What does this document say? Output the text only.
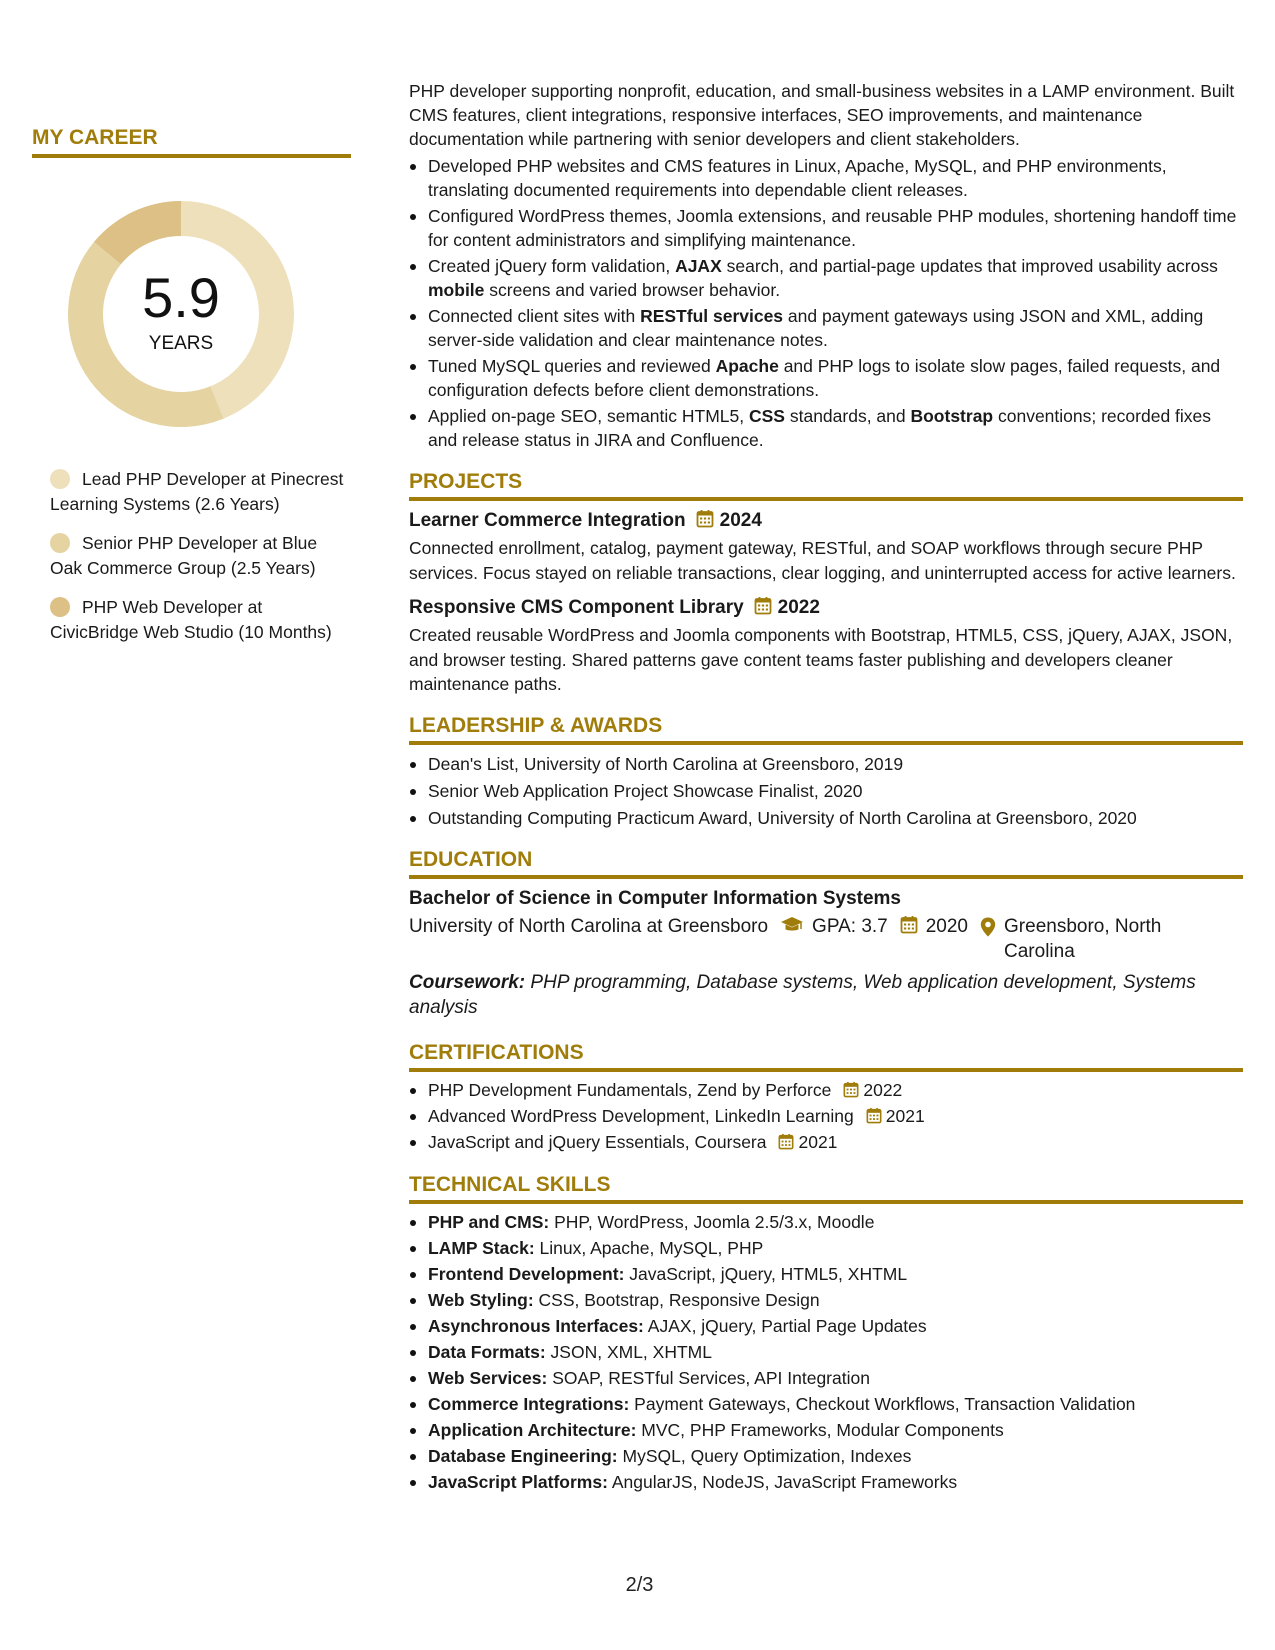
MY CAREER
5.9
YEARS
Lead PHP Developer at Pinecrest Learning Systems (2.6 Years)
Senior PHP Developer at Blue Oak Commerce Group (2.5 Years)
PHP Web Developer at CivicBridge Web Studio (10 Months)

PHP developer supporting nonprofit, education, and small-business websites in a LAMP environment. Built CMS features, client integrations, responsive interfaces, SEO improvements, and maintenance documentation while partnering with senior developers and client stakeholders.

Developed PHP websites and CMS features in Linux, Apache, MySQL, and PHP environments, translating documented requirements into dependable client releases.
Configured WordPress themes, Joomla extensions, and reusable PHP modules, shortening handoff time for content administrators and simplifying maintenance.
Created jQuery form validation, AJAX search, and partial-page updates that improved usability across mobile screens and varied browser behavior.
Connected client sites with RESTful services and payment gateways using JSON and XML, adding server-side validation and clear maintenance notes.
Tuned MySQL queries and reviewed Apache and PHP logs to isolate slow pages, failed requests, and configuration defects before client demonstrations.
Applied on-page SEO, semantic HTML5, CSS standards, and Bootstrap conventions; recorded fixes and release status in JIRA and Confluence.
PROJECTS
Learner Commerce Integration 2024

Connected enrollment, catalog, payment gateway, RESTful, and SOAP workflows through secure PHP services. Focus stayed on reliable transactions, clear logging, and uninterrupted access for active learners.

Responsive CMS Component Library 2022

Created reusable WordPress and Joomla components with Bootstrap, HTML5, CSS, jQuery, AJAX, JSON, and browser testing. Shared patterns gave content teams faster publishing and developers cleaner maintenance paths.

LEADERSHIP & AWARDS
Dean's List, University of North Carolina at Greensboro, 2019
Senior Web Application Project Showcase Finalist, 2020
Outstanding Computing Practicum Award, University of North Carolina at Greensboro, 2020
EDUCATION
Bachelor of Science in Computer Information Systems
University of North Carolina at Greensboro	GPA: 3.7	2020 Greensboro, North Carolina

Coursework: PHP programming, Database systems, Web application development, Systems analysis

CERTIFICATIONS
PHP Development Fundamentals, Zend by Perforce 2022
Advanced WordPress Development, LinkedIn Learning 2021
JavaScript and jQuery Essentials, Coursera 2021
TECHNICAL SKILLS
PHP and CMS: PHP, WordPress, Joomla 2.5/3.x, Moodle
LAMP Stack: Linux, Apache, MySQL, PHP
Frontend Development: JavaScript, jQuery, HTML5, XHTML
Web Styling: CSS, Bootstrap, Responsive Design
Asynchronous Interfaces: AJAX, jQuery, Partial Page Updates
Data Formats: JSON, XML, XHTML
Web Services: SOAP, RESTful Services, API Integration
Commerce Integrations: Payment Gateways, Checkout Workflows, Transaction Validation
Application Architecture: MVC, PHP Frameworks, Modular Components
Database Engineering: MySQL, Query Optimization, Indexes
JavaScript Platforms: AngularJS, NodeJS, JavaScript Frameworks
2/3
